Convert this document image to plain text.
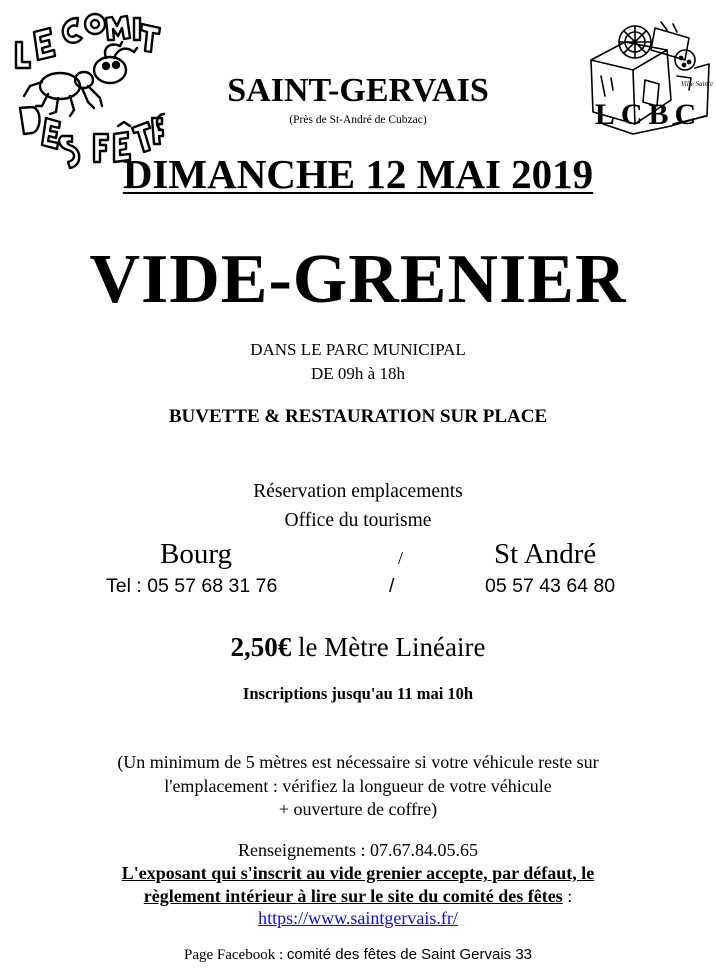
Ville Sainte
LCBC
SAINT-GERVAIS
(Près de St-André de Cubzac)
DIMANCHE 12 MAI 2019
VIDE-GRENIER
DANS LE PARC MUNICIPAL
DE 09h à 18h
BUVETTE & RESTAURATION SUR PLACE
Réservation emplacements
Office du tourisme
Bourg	/	St André
Tel : 05 57 68 31 76	/	05 57 43 64 80
2,50€ le Mètre Linéaire
Inscriptions jusqu'au 11 mai 10h
(Un minimum de 5 mètres est nécessaire si votre véhicule reste sur
l'emplacement : vérifiez la longueur de votre véhicule
+ ouverture de coffre)
Renseignements : 07.67.84.05.65
L'exposant qui s'inscrit au vide grenier accepte, par défaut, le
règlement intérieur à lire sur le site du comité des fêtes :
https://www.saintgervais.fr/
Page Facebook : comité des fêtes de Saint Gervais 33
